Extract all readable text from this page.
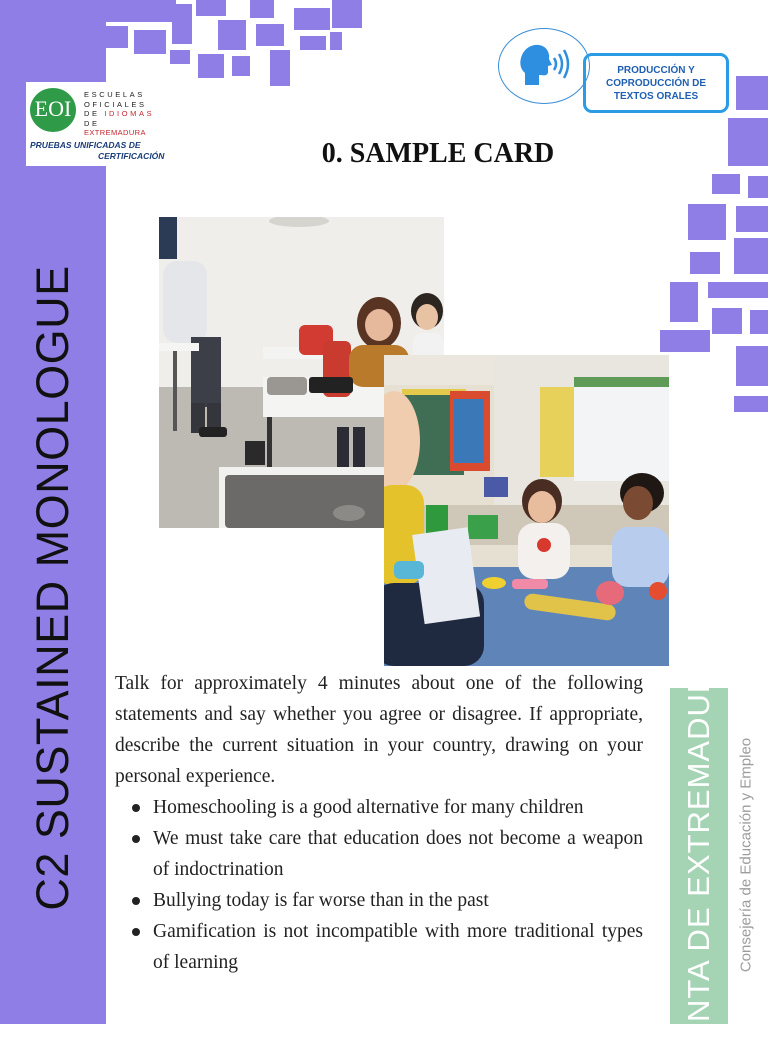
C2 SUSTAINED MONOLOGUE
EOI
ESCUELAS
OFICIALES
DE IDIOMAS
DE EXTREMADURA
PRUEBAS UNIFICADAS DE
CERTIFICACIÓN
PRODUCCIÓN Y
COPRODUCCIÓN DE
TEXTOS ORALES
0. SAMPLE CARD

Talk for approximately 4 minutes about one of the following statements and say whether you agree or disagree. If appropriate, describe the current situation in your country, drawing on your personal experience.

Homeschooling is a good alternative for many children
We must take care that education does not become a weapon of indoctrination
Bullying today is far worse than in the past
Gamification is not incompatible with more traditional types of learning	JUNTA DE EXTREMADURA Consejería de Educación y Empleo
